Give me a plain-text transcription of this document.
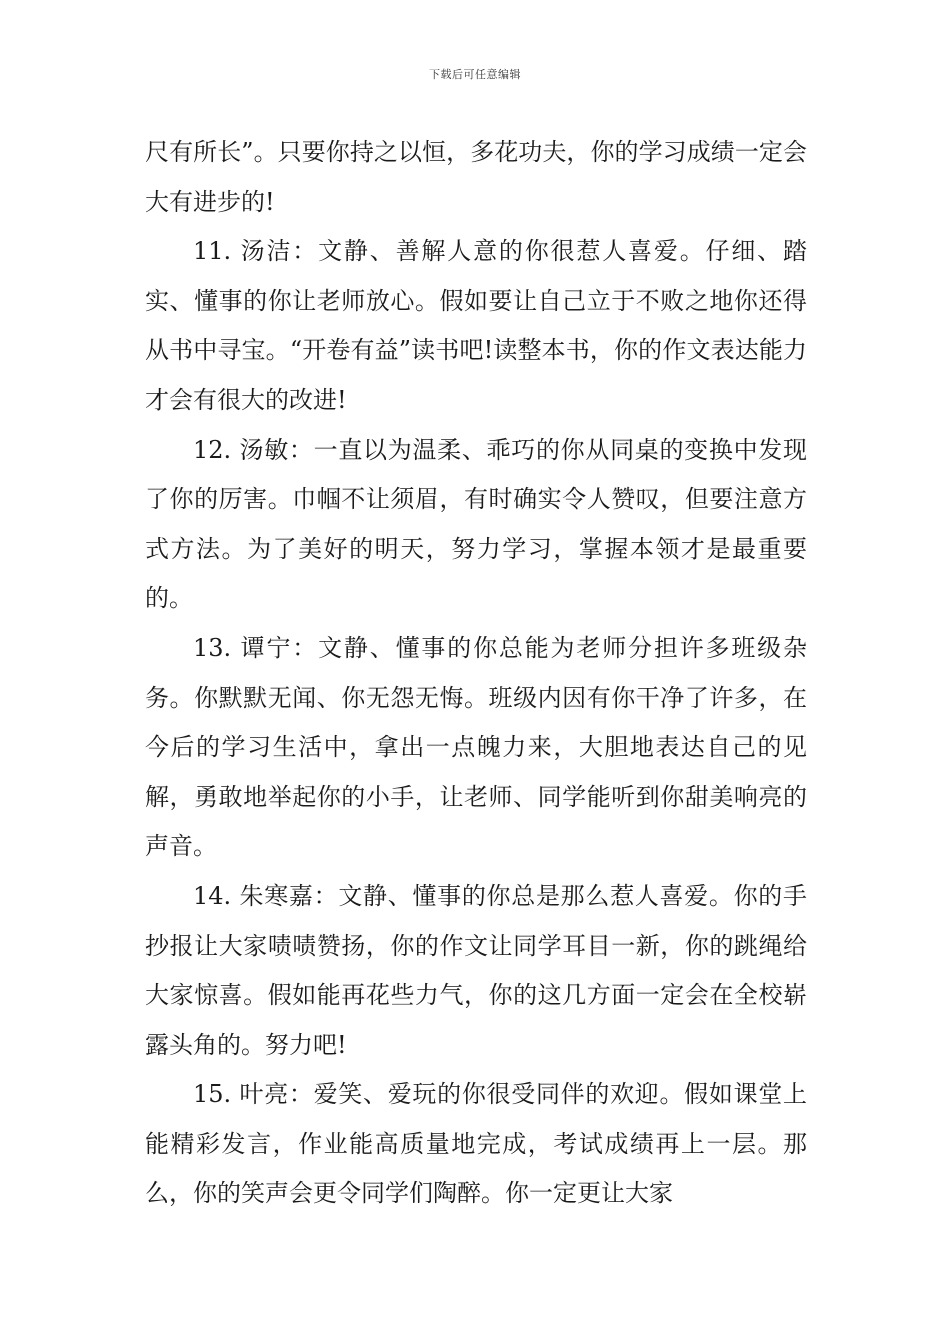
下载后可任意编辑

尺有所长”。只要你持之以恒，多花功夫，你的学习成绩一定会大有进步的!

11. 汤洁：文静、善解人意的你很惹人喜爱。仔细、踏实、懂事的你让老师放心。假如要让自己立于不败之地你还得从书中寻宝。“开卷有益”读书吧!读整本书，你的作文表达能力才会有很大的改进!

12. 汤敏：一直以为温柔、乖巧的你从同桌的变换中发现了你的厉害。巾帼不让须眉，有时确实令人赞叹，但要注意方式方法。为了美好的明天，努力学习，掌握本领才是最重要的。

13. 谭宁：文静、懂事的你总能为老师分担许多班级杂务。你默默无闻、你无怨无悔。班级内因有你干净了许多，在今后的学习生活中，拿出一点魄力来，大胆地表达自己的见解，勇敢地举起你的小手，让老师、同学能听到你甜美响亮的声音。

14. 朱寒嘉：文静、懂事的你总是那么惹人喜爱。你的手抄报让大家啧啧赞扬，你的作文让同学耳目一新，你的跳绳给大家惊喜。假如能再花些力气，你的这几方面一定会在全校崭露头角的。努力吧!

15. 叶亮：爱笑、爱玩的你很受同伴的欢迎。假如课堂上能精彩发言，作业能高质量地完成，考试成绩再上一层。那么，你的笑声会更令同学们陶醉。你一定更让大家
